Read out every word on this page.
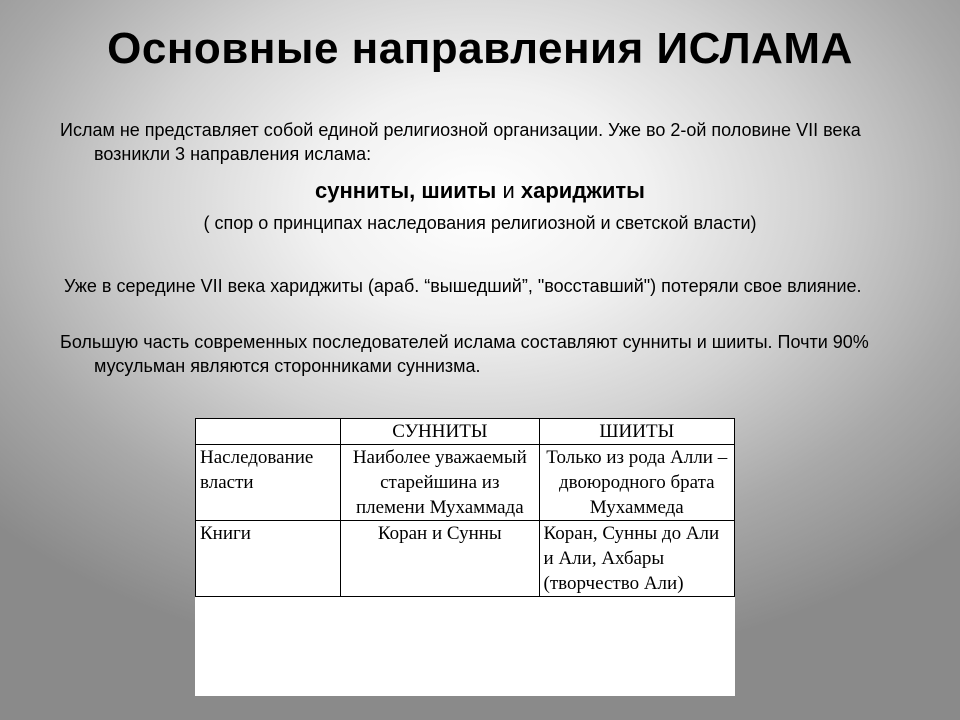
Основные направления ИСЛАМА

Ислам не представляет собой единой религиозной организации. Уже во 2-ой половине VII века возникли 3 направления ислама:

сунниты, шииты и хариджиты

( спор о принципах наследования религиозной и светской власти)

Уже в середине VII века хариджиты (араб. “вышедший”, "восставший") потеряли свое влияние.

Большую часть современных последователей ислама составляют сунниты и шииты. Почти 90% мусульман являются сторонниками суннизма.

	СУННИТЫ	ШИИТЫ
Наследование власти	Наиболее уважаемый старейшина из племени Мухаммада	Только из рода Алли – двоюродного брата Мухаммеда
Книги	Коран и Сунны	Коран, Сунны до Али и Али, Ахбары (творчество Али)
